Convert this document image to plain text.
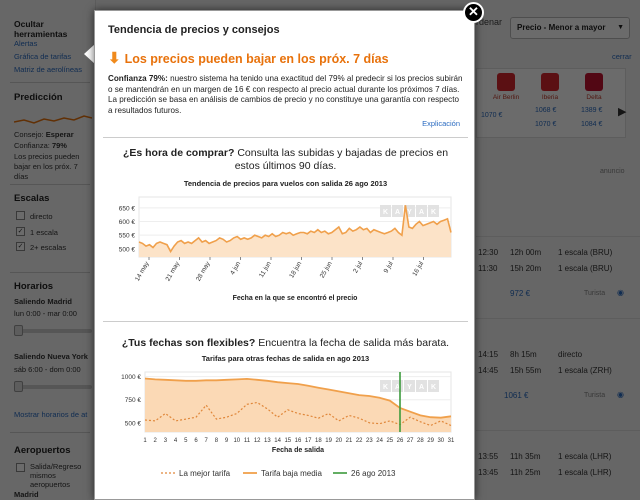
Tendencia de precios y consejos
⬇ Los precios pueden bajar en los próx. 7 días
Confianza 79%: nuestro sistema ha tenido una exactitud del 79% al predecir si los precios subirán o se mantendrán en un margen de 16 € con respecto al precio actual durante los próximos 7 días. La predicción se basa en análisis de cambios de precio y no constituye una garantía con respecto a resultados futuros.
Explicación
¿Es hora de comprar? Consulta las subidas y bajadas de precios en estos últimos 90 días.
Tendencia de precios para vuelos con salida 26 ago 2013
500 €
550 €
600 €
650 €
K A Y A K
14 may 21 may 28 may	4 jun 11 jun 18 jun 25 jun	2 jul	9 jul	16 jul
Fecha en la que se encontró el precio
¿Tus fechas son flexibles? Encuentra la fecha de salida más barata.
Tarifas para otras fechas de salida en ago 2013
500 €
750 €
1000 €
K A Y A K
1 2 3 4 5 6 7 8 9 10 11 12 13 14 15 16 17 18 19 20 21 22 23 24 25 26 27 28 29 30 31
Fecha de salida
La mejor tarifa	Tarifa baja media	26 ago 2013
✕
